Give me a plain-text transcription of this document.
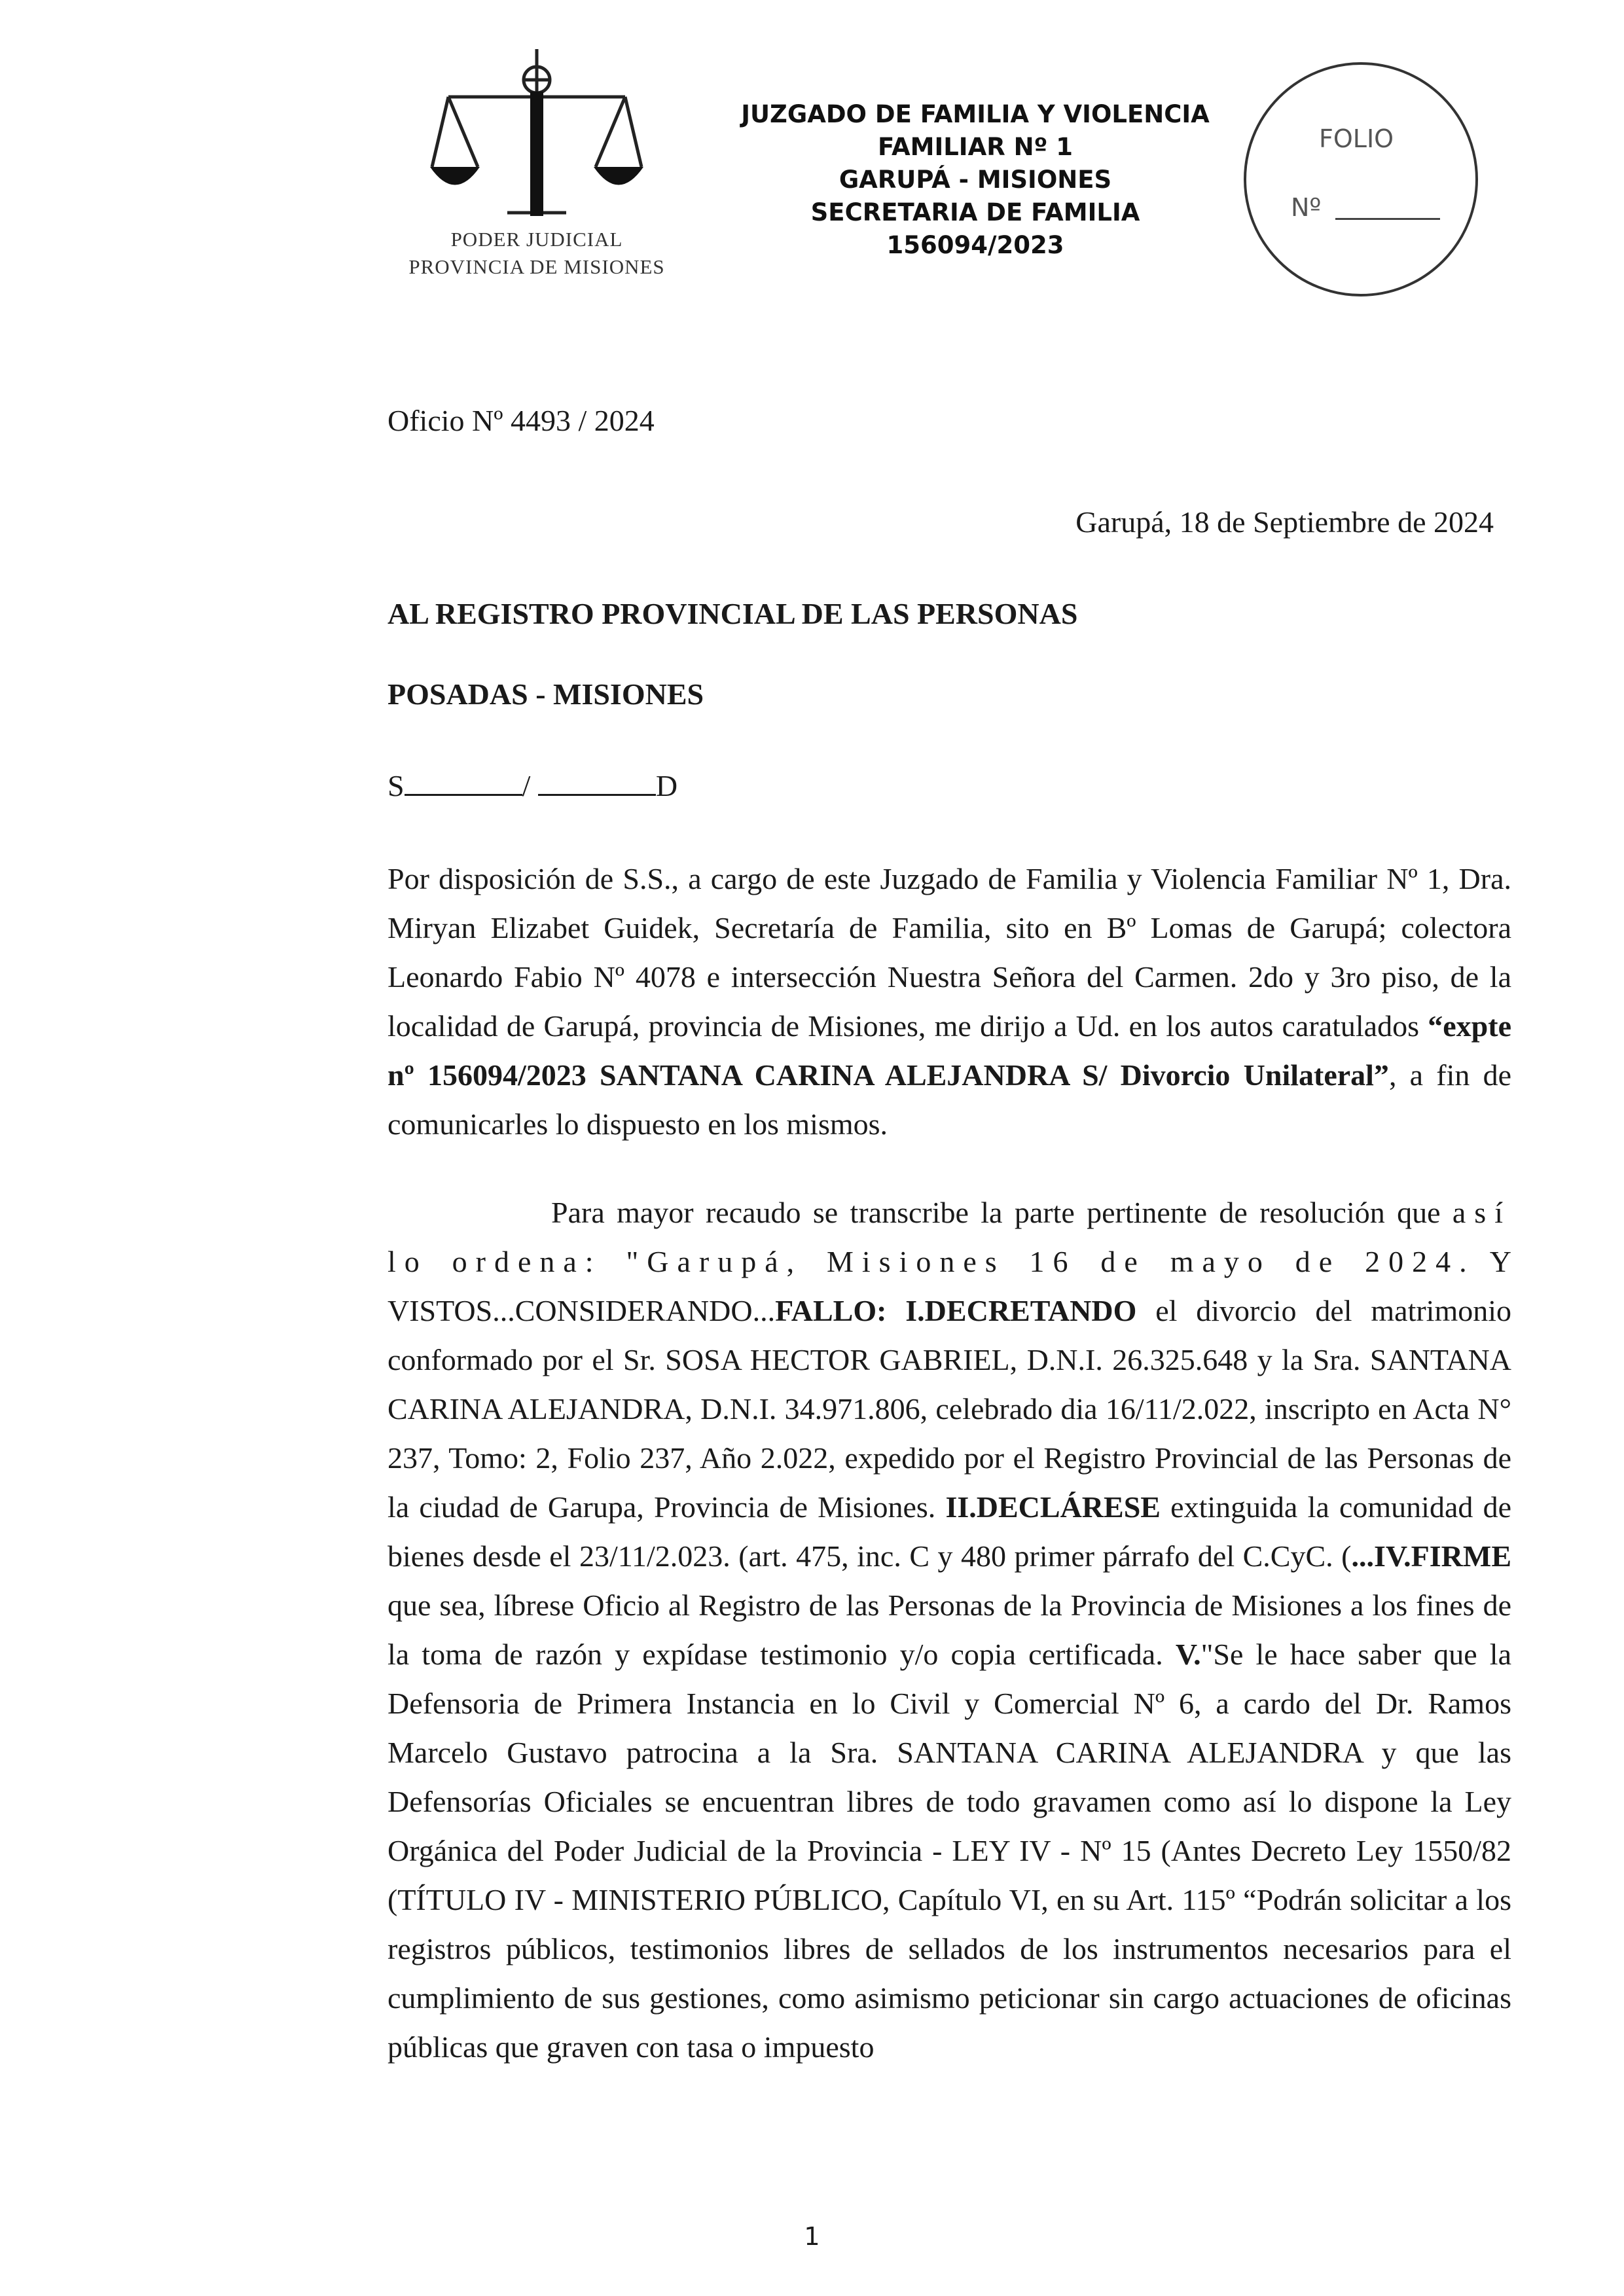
PODER JUDICIAL
PROVINCIA DE MISIONES
JUZGADO DE FAMILIA Y VIOLENCIA
FAMILIAR Nº 1
GARUPÁ - MISIONES
SECRETARIA DE FAMILIA
156094/2023
FOLIO
Nº
Oficio Nº 4493 / 2024
Garupá, 18 de Septiembre de 2024
AL REGISTRO PROVINCIAL DE LAS PERSONAS
POSADAS - MISIONES
S	/	D
Por disposición de S.S., a cargo de este Juzgado de Familia y Violencia Familiar Nº 1, Dra. Miryan Elizabet Guidek, Secretaría de Familia, sito en Bº Lomas de Garupá; colectora Leonardo Fabio Nº 4078 e intersección Nuestra Señora del Carmen. 2do y 3ro piso, de la localidad de Garupá, provincia de Misiones, me dirijo a Ud. en los autos caratulados “expte nº 156094/2023 SANTANA CARINA ALEJANDRA S/ Divorcio Unilateral”, a fin de comunicarles lo dispuesto en los mismos.
Para mayor recaudo se transcribe la parte pertinente de resolución que así lo ordena: "Garupá, Misiones 16 de mayo de 2024. Y VISTOS...CONSIDERANDO...FALLO: I.DECRETANDO el divorcio del matrimonio conformado por el Sr. SOSA HECTOR GABRIEL, D.N.I. 26.325.648 y la Sra. SANTANA CARINA ALEJANDRA, D.N.I. 34.971.806, celebrado dia 16/11/2.022, inscripto en Acta N° 237, Tomo: 2, Folio 237, Año 2.022, expedido por el Registro Provincial de las Personas de la ciudad de Garupa, Provincia de Misiones. II.DECLÁRESE extinguida la comunidad de bienes desde el 23/11/2.023. (art. 475, inc. C y 480 primer párrafo del C.CyC. (...IV.FIRME que sea, líbrese Oficio al Registro de las Personas de la Provincia de Misiones a los fines de la toma de razón y expídase testimonio y/o copia certificada. V."Se le hace saber que la Defensoria de Primera Instancia en lo Civil y Comercial Nº 6, a cardo del Dr. Ramos Marcelo Gustavo patrocina a la Sra. SANTANA CARINA ALEJANDRA y que las Defensorías Oficiales se encuentran libres de todo gravamen como así lo dispone la Ley Orgánica del Poder Judicial de la Provincia - LEY IV - Nº 15 (Antes Decreto Ley 1550/82 (TÍTULO IV - MINISTERIO PÚBLICO, Capítulo VI, en su Art. 115º “Podrán solicitar a los registros públicos, testimonios libres de sellados de los instrumentos necesarios para el cumplimiento de sus gestiones, como asimismo peticionar sin cargo actuaciones de oficinas públicas que graven con tasa o impuesto
1
